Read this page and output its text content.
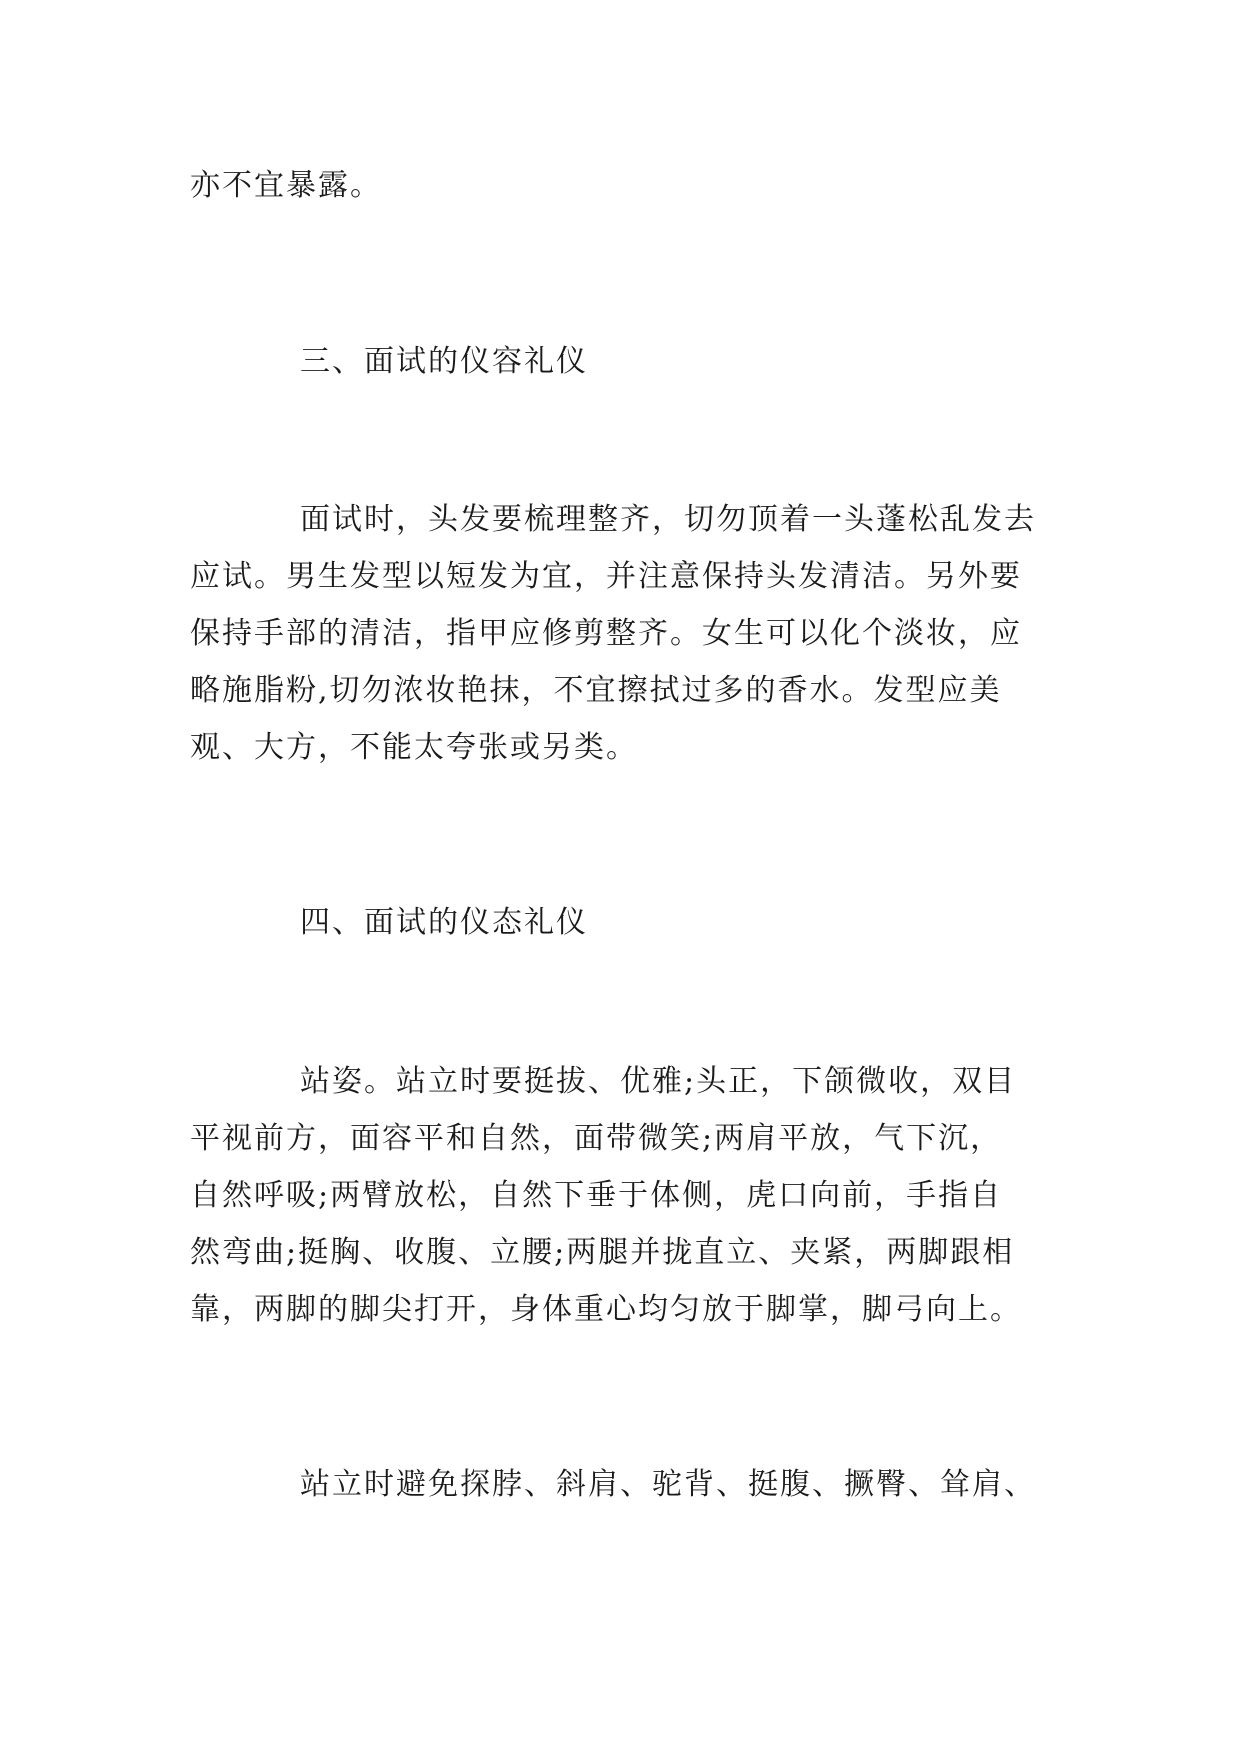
亦不宜暴露。
三、面试的仪容礼仪
面试时，头发要梳理整齐，切勿顶着一头蓬松乱发去
应试。男生发型以短发为宜，并注意保持头发清洁。另外要
保持手部的清洁，指甲应修剪整齐。女生可以化个淡妆，应
略施脂粉,切勿浓妆艳抹，不宜擦拭过多的香水。发型应美
观、大方，不能太夸张或另类。
四、面试的仪态礼仪
站姿。站立时要挺拔、优雅;头正，下颌微收，双目
平视前方，面容平和自然，面带微笑;两肩平放，气下沉，
自然呼吸;两臂放松，自然下垂于体侧，虎口向前，手指自
然弯曲;挺胸、收腹、立腰;两腿并拢直立、夹紧，两脚跟相
靠，两脚的脚尖打开，身体重心均匀放于脚掌，脚弓向上。
站立时避免探脖、斜肩、驼背、挺腹、撅臀、耸肩、
